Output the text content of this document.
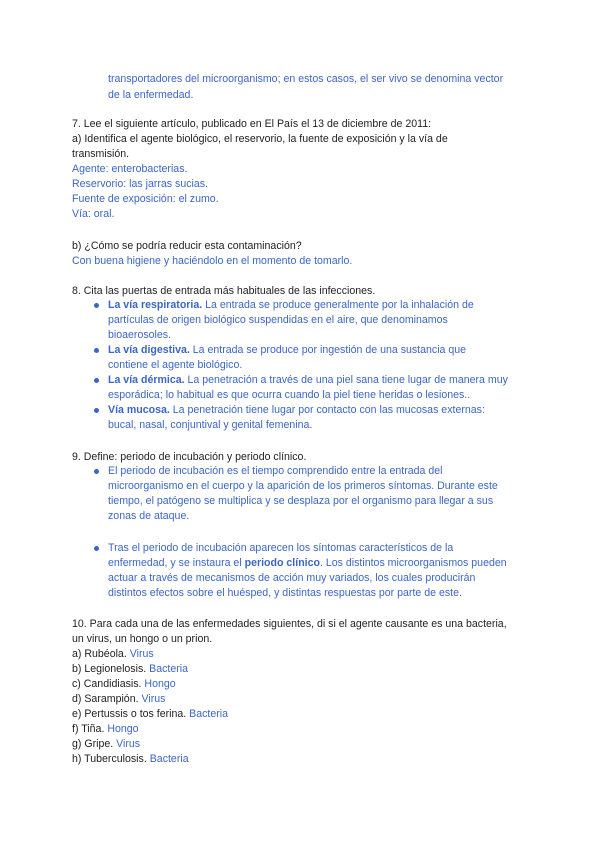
transportadores del microorganismo; en estos casos, el ser vivo se denomina vector
de la enfermedad.
7. Lee el siguiente artículo, publicado en El País el 13 de diciembre de 2011:
a) Identifica el agente biológico, el reservorio, la fuente de exposición y la vía de
transmisión.
Agente: enterobacterias.
Reservorio: las jarras sucias.
Fuente de exposición: el zumo.
Vía: oral.
b) ¿Cómo se podría reducir esta contaminación?
Con buena higiene y haciéndolo en el momento de tomarlo.
8. Cita las puertas de entrada más habituales de las infecciones.
La vía respiratoria. La entrada se produce generalmente por la inhalación de
partículas de origen biológico suspendidas en el aire, que denominamos
bioaerosoles.
La vía digestiva. La entrada se produce por ingestión de una sustancia que
contiene el agente biológico.
La vía dérmica. La penetración a través de una piel sana tiene lugar de manera muy
esporádica; lo habitual es que ocurra cuando la piel tiene heridas o lesiones..
Vía mucosa. La penetración tiene lugar por contacto con las mucosas externas:
bucal, nasal, conjuntival y genital femenina.
9. Define: periodo de incubación y periodo clínico.
El periodo de incubación es el tiempo comprendido entre la entrada del
microorganismo en el cuerpo y la aparición de los primeros síntomas. Durante este
tiempo, el patógeno se multiplica y se desplaza por el organismo para llegar a sus
zonas de ataque.
Tras el periodo de incubación aparecen los síntomas característicos de la
enfermedad, y se instaura el periodo clínico. Los distintos microorganismos pueden
actuar a través de mecanismos de acción muy variados, los cuales producirán
distintos efectos sobre el huésped, y distintas respuestas por parte de este.
10. Para cada una de las enfermedades siguientes, di si el agente causante es una bacteria,
un virus, un hongo o un prion.
a) Rubéola. Virus
b) Legionelosis. Bacteria
c) Candidiasis. Hongo
d) Sarampión. Virus
e) Pertussis o tos ferina. Bacteria
f) Tiña. Hongo
g) Gripe. Virus
h) Tuberculosis. Bacteria
